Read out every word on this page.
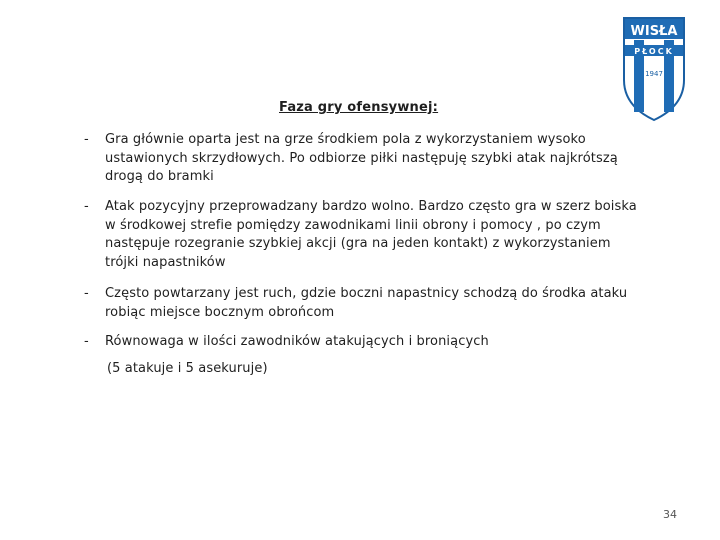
WISŁA
PŁOCK
1947
Faza gry ofensywnej:
- Gra głównie oparta jest na grze środkiem pola z wykorzystaniem wysoko ustawionych skrzydłowych. Po odbiorze piłki następuję szybki atak najkrótszą drogą do bramki
- Atak pozycyjny przeprowadzany bardzo wolno. Bardzo często gra w szerz boiska w środkowej strefie pomiędzy zawodnikami linii obrony i pomocy , po czym następuje rozegranie szybkiej akcji (gra na jeden kontakt) z wykorzystaniem trójki napastników
- Często powtarzany jest ruch, gdzie boczni napastnicy schodzą do środka ataku robiąc miejsce bocznym obrońcom
- Równowaga w ilości zawodników atakujących i broniących
(5 atakuje i 5 asekuruje)
34
